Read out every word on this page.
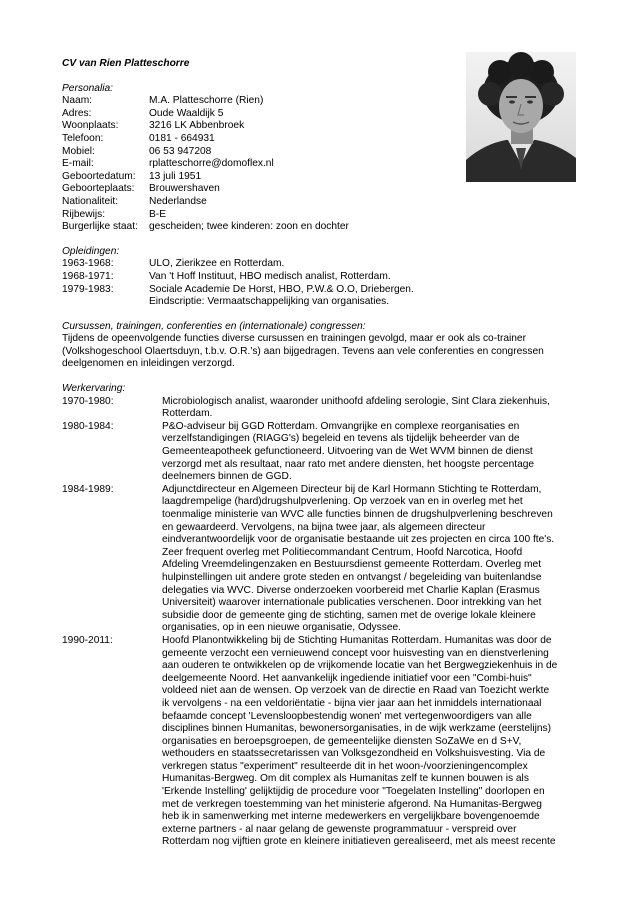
CV van Rien Platteschorre

Personalia:

Naam:	M.A. Platteschorre (Rien)
Adres:	Oude Waaldijk 5
Woonplaats:	3216 LK Abbenbroek
Telefoon:	0181 - 664931
Mobiel:	06 53 947208
E-mail:	rplatteschorre@domoflex.nl
Geboortedatum:	13 juli 1951
Geboorteplaats:	Brouwershaven
Nationaliteit:	Nederlandse
Rijbewijs:	B-E
Burgerlijke staat:	gescheiden; twee kinderen: zoon en dochter

Opleidingen:

1963-1968:	ULO, Zierikzee en Rotterdam.
1968-1971:	Van 't Hoff Instituut, HBO medisch analist, Rotterdam.
1979-1983:	Sociale Academie De Horst, HBO, P.W.& O.O, Driebergen.
Eindscriptie: Vermaatschappelijking van organisaties.

Cursussen, trainingen, conferenties en (internationale) congressen:

Tijdens de opeenvolgende functies diverse cursussen en trainingen gevolgd, maar er ook als co-trainer
(Volkshogeschool Olaertsduyn, t.b.v. O.R.'s) aan bijgedragen. Tevens aan vele conferenties en congressen
deelgenomen en inleidingen verzorgd.

Werkervaring:

1970-1980:	Microbiologisch analist, waaronder unithoofd afdeling serologie, Sint Clara ziekenhuis,
Rotterdam.
1980-1984:	P&O-adviseur bij GGD Rotterdam. Omvangrijke en complexe reorganisaties en
verzelfstandigingen (RIAGG's) begeleid en tevens als tijdelijk beheerder van de
Gemeenteapotheek gefunctioneerd. Uitvoering van de Wet WVM binnen de dienst
verzorgd met als resultaat, naar rato met andere diensten, het hoogste percentage
deelnemers binnen de GGD.
1984-1989:	Adjunctdirecteur en Algemeen Directeur bij de Karl Hormann Stichting te Rotterdam,
laagdrempelige (hard)drugshulpverlening. Op verzoek van en in overleg met het
toenmalige ministerie van WVC alle functies binnen de drugshulpverlening beschreven
en gewaardeerd. Vervolgens, na bijna twee jaar, als algemeen directeur
eindverantwoordelijk voor de organisatie bestaande uit zes projecten en circa 100 fte's.
Zeer frequent overleg met Politiecommandant Centrum, Hoofd Narcotica, Hoofd
Afdeling Vreemdelingenzaken en Bestuursdienst gemeente Rotterdam. Overleg met
hulpinstellingen uit andere grote steden en ontvangst / begeleiding van buitenlandse
delegaties via WVC. Diverse onderzoeken voorbereid met Charlie Kaplan (Erasmus
Universiteit) waarover internationale publicaties verschenen. Door intrekking van het
subsidie door de gemeente ging de stichting, samen met de overige lokale kleinere
organisaties, op in een nieuwe organisatie, Odyssee.
1990-2011:	Hoofd Planontwikkeling bij de Stichting Humanitas Rotterdam. Humanitas was door de
gemeente verzocht een vernieuwend concept voor huisvesting van en dienstverlening
aan ouderen te ontwikkelen op de vrijkomende locatie van het Bergwegziekenhuis in de
deelgemeente Noord. Het aanvankelijk ingediende initiatief voor een "Combi-huis"
voldeed niet aan de wensen. Op verzoek van de directie en Raad van Toezicht werkte
ik vervolgens - na een veldoriëntatie - bijna vier jaar aan het inmiddels internationaal
befaamde concept 'Levensloopbestendig wonen' met vertegenwoordigers van alle
disciplines binnen Humanitas, bewonersorganisaties, in de wijk werkzame (eerstelijns)
organisaties en beroepsgroepen, de gemeentelijke diensten SoZaWe en d S+V,
wethouders en staatssecretarissen van Volksgezondheid en Volkshuisvesting. Via de
verkregen status "experiment" resulteerde dit in het woon-/voorzieningencomplex
Humanitas-Bergweg. Om dit complex als Humanitas zelf te kunnen bouwen is als
'Erkende Instelling' gelijktijdig de procedure voor "Toegelaten Instelling" doorlopen en
met de verkregen toestemming van het ministerie afgerond. Na Humanitas-Bergweg
heb ik in samenwerking met interne medewerkers en vergelijkbare bovengenoemde
externe partners - al naar gelang de gewenste programmatuur - verspreid over
Rotterdam nog vijftien grote en kleinere initiatieven gerealiseerd, met als meest recente
